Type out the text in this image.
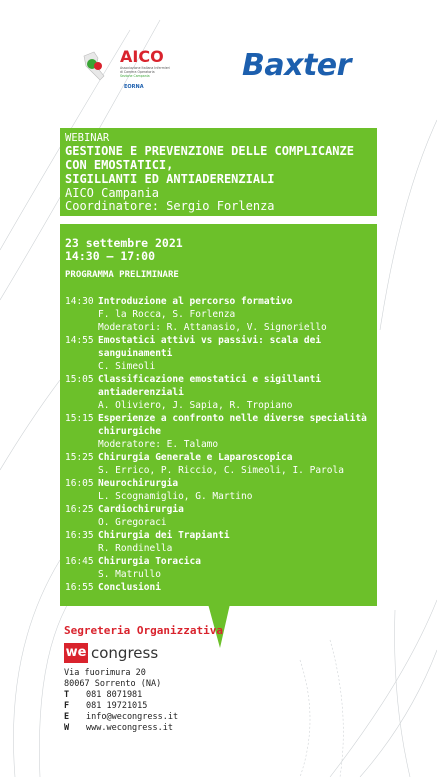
AICO
Associazione Italiana Infermieri
di Camera Operatoria
Sezione Campania
EORNA
Baxter
WEBINAR
GESTIONE E PREVENZIONE DELLE COMPLICANZE
CON EMOSTATICI,
SIGILLANTI ED ANTIADERENZIALI
AICO Campania
Coordinatore: Sergio Forlenza
23 settembre 2021
14:30 – 17:00
PROGRAMMA PRELIMINARE
14:30 Introduzione al percorso formativo
F. la Rocca, S. Forlenza
Moderatori: R. Attanasio, V. Signoriello
14:55 Emostatici attivi vs passivi: scala dei
sanguinamenti
C. Simeoli
15:05 Classificazione emostatici e sigillanti
antiaderenziali
A. Oliviero, J. Sapia, R. Tropiano
15:15 Esperienze a confronto nelle diverse specialità
chirurgiche
Moderatore: E. Talamo
15:25 Chirurgia Generale e Laparoscopica
S. Errico, P. Riccio, C. Simeoli, I. Parola
16:05 Neurochirurgia
L. Scognamiglio, G. Martino
16:25 Cardiochirurgia
O. Gregoraci
16:35 Chirurgia dei Trapianti
R. Rondinella
16:45 Chirurgia Toracica
S. Matrullo
16:55 Conclusioni
Segreteria Organizzativa
we congress
Via fuorimura 20
80067 Sorrento (NA)
T 081 8071981
F 081 19721015
E info@wecongress.it
W www.wecongress.it
